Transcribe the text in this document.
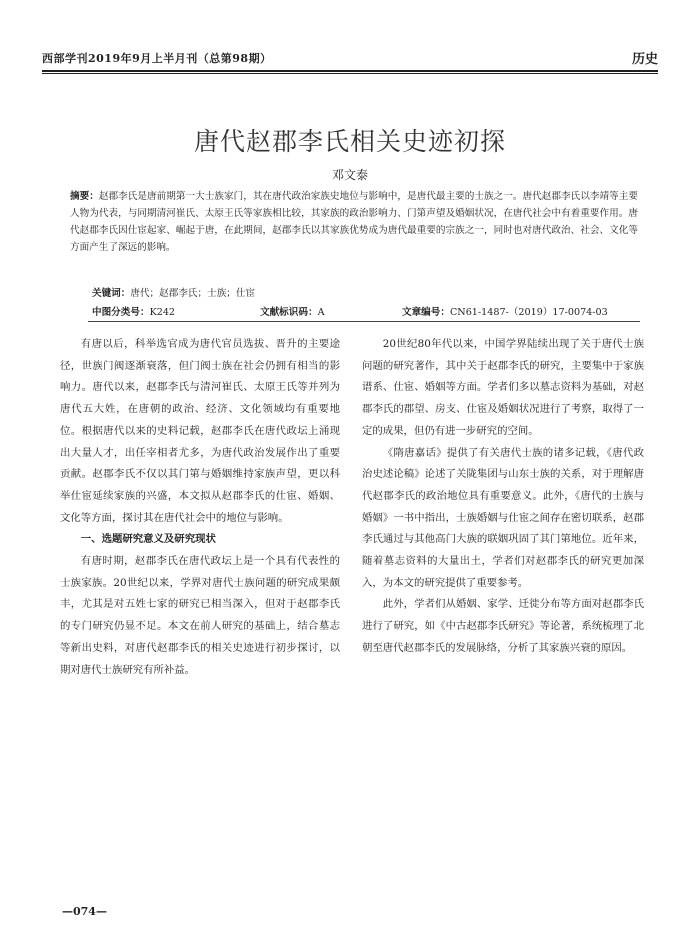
西部学刊2019年9月上半月刊（总第98期）	历史
唐代赵郡李氏相关史迹初探
邓文泰
摘要：赵郡李氏是唐前期第一大士族家门，其在唐代政治家族史地位与影响中，是唐代最主要的士族之一。唐代赵郡李氏以李靖等主要人物为代表，与同期清河崔氏、太原王氏等家族相比较，其家族的政治影响力、门第声望及婚姻状况，在唐代社会中有着重要作用。唐代赵郡李氏因仕宦起家、崛起于唐，在此期间，赵郡李氏以其家族优势成为唐代最重要的宗族之一，同时也对唐代政治、社会、文化等方面产生了深远的影响。
关键词：唐代；赵郡李氏；士族；仕宦
中图分类号：K242	文献标识码：A	文章编号：CN61-1487-（2019）17-0074-03

有唐以后，科举选官成为唐代官员选拔、晋升的主要途径，世族门阀逐渐衰落，但门阀士族在社会仍拥有相当的影响力。唐代以来，赵郡李氏与清河崔氏、太原王氏等并列为唐代五大姓，在唐朝的政治、经济、文化领域均有重要地位。根据唐代以来的史料记载，赵郡李氏在唐代政坛上涌现出大量人才，出任宰相者尤多，为唐代政治发展作出了重要贡献。赵郡李氏不仅以其门第与婚姻维持家族声望，更以科举仕宦延续家族的兴盛，本文拟从赵郡李氏的仕宦、婚姻、文化等方面，探讨其在唐代社会中的地位与影响。

一、选题研究意义及研究现状

有唐时期，赵郡李氏在唐代政坛上是一个具有代表性的士族家族。20世纪以来，学界对唐代士族问题的研究成果颇丰，尤其是对五姓七家的研究已相当深入，但对于赵郡李氏的专门研究仍显不足。本文在前人研究的基础上，结合墓志等新出史料，对唐代赵郡李氏的相关史迹进行初步探讨，以期对唐代士族研究有所补益。

20世纪80年代以来，中国学界陆续出现了关于唐代士族问题的研究著作，其中关于赵郡李氏的研究，主要集中于家族谱系、仕宦、婚姻等方面。学者们多以墓志资料为基础，对赵郡李氏的郡望、房支、仕宦及婚姻状况进行了考察，取得了一定的成果，但仍有进一步研究的空间。

《隋唐嘉话》提供了有关唐代士族的诸多记载，《唐代政治史述论稿》论述了关陇集团与山东士族的关系，对于理解唐代赵郡李氏的政治地位具有重要意义。此外，《唐代的士族与婚姻》一书中指出，士族婚姻与仕宦之间存在密切联系，赵郡李氏通过与其他高门大族的联姻巩固了其门第地位。近年来，随着墓志资料的大量出土，学者们对赵郡李氏的研究更加深入，为本文的研究提供了重要参考。

此外，学者们从婚姻、家学、迁徙分布等方面对赵郡李氏进行了研究，如《中古赵郡李氏研究》等论著，系统梳理了北朝至唐代赵郡李氏的发展脉络，分析了其家族兴衰的原因。

—074—
